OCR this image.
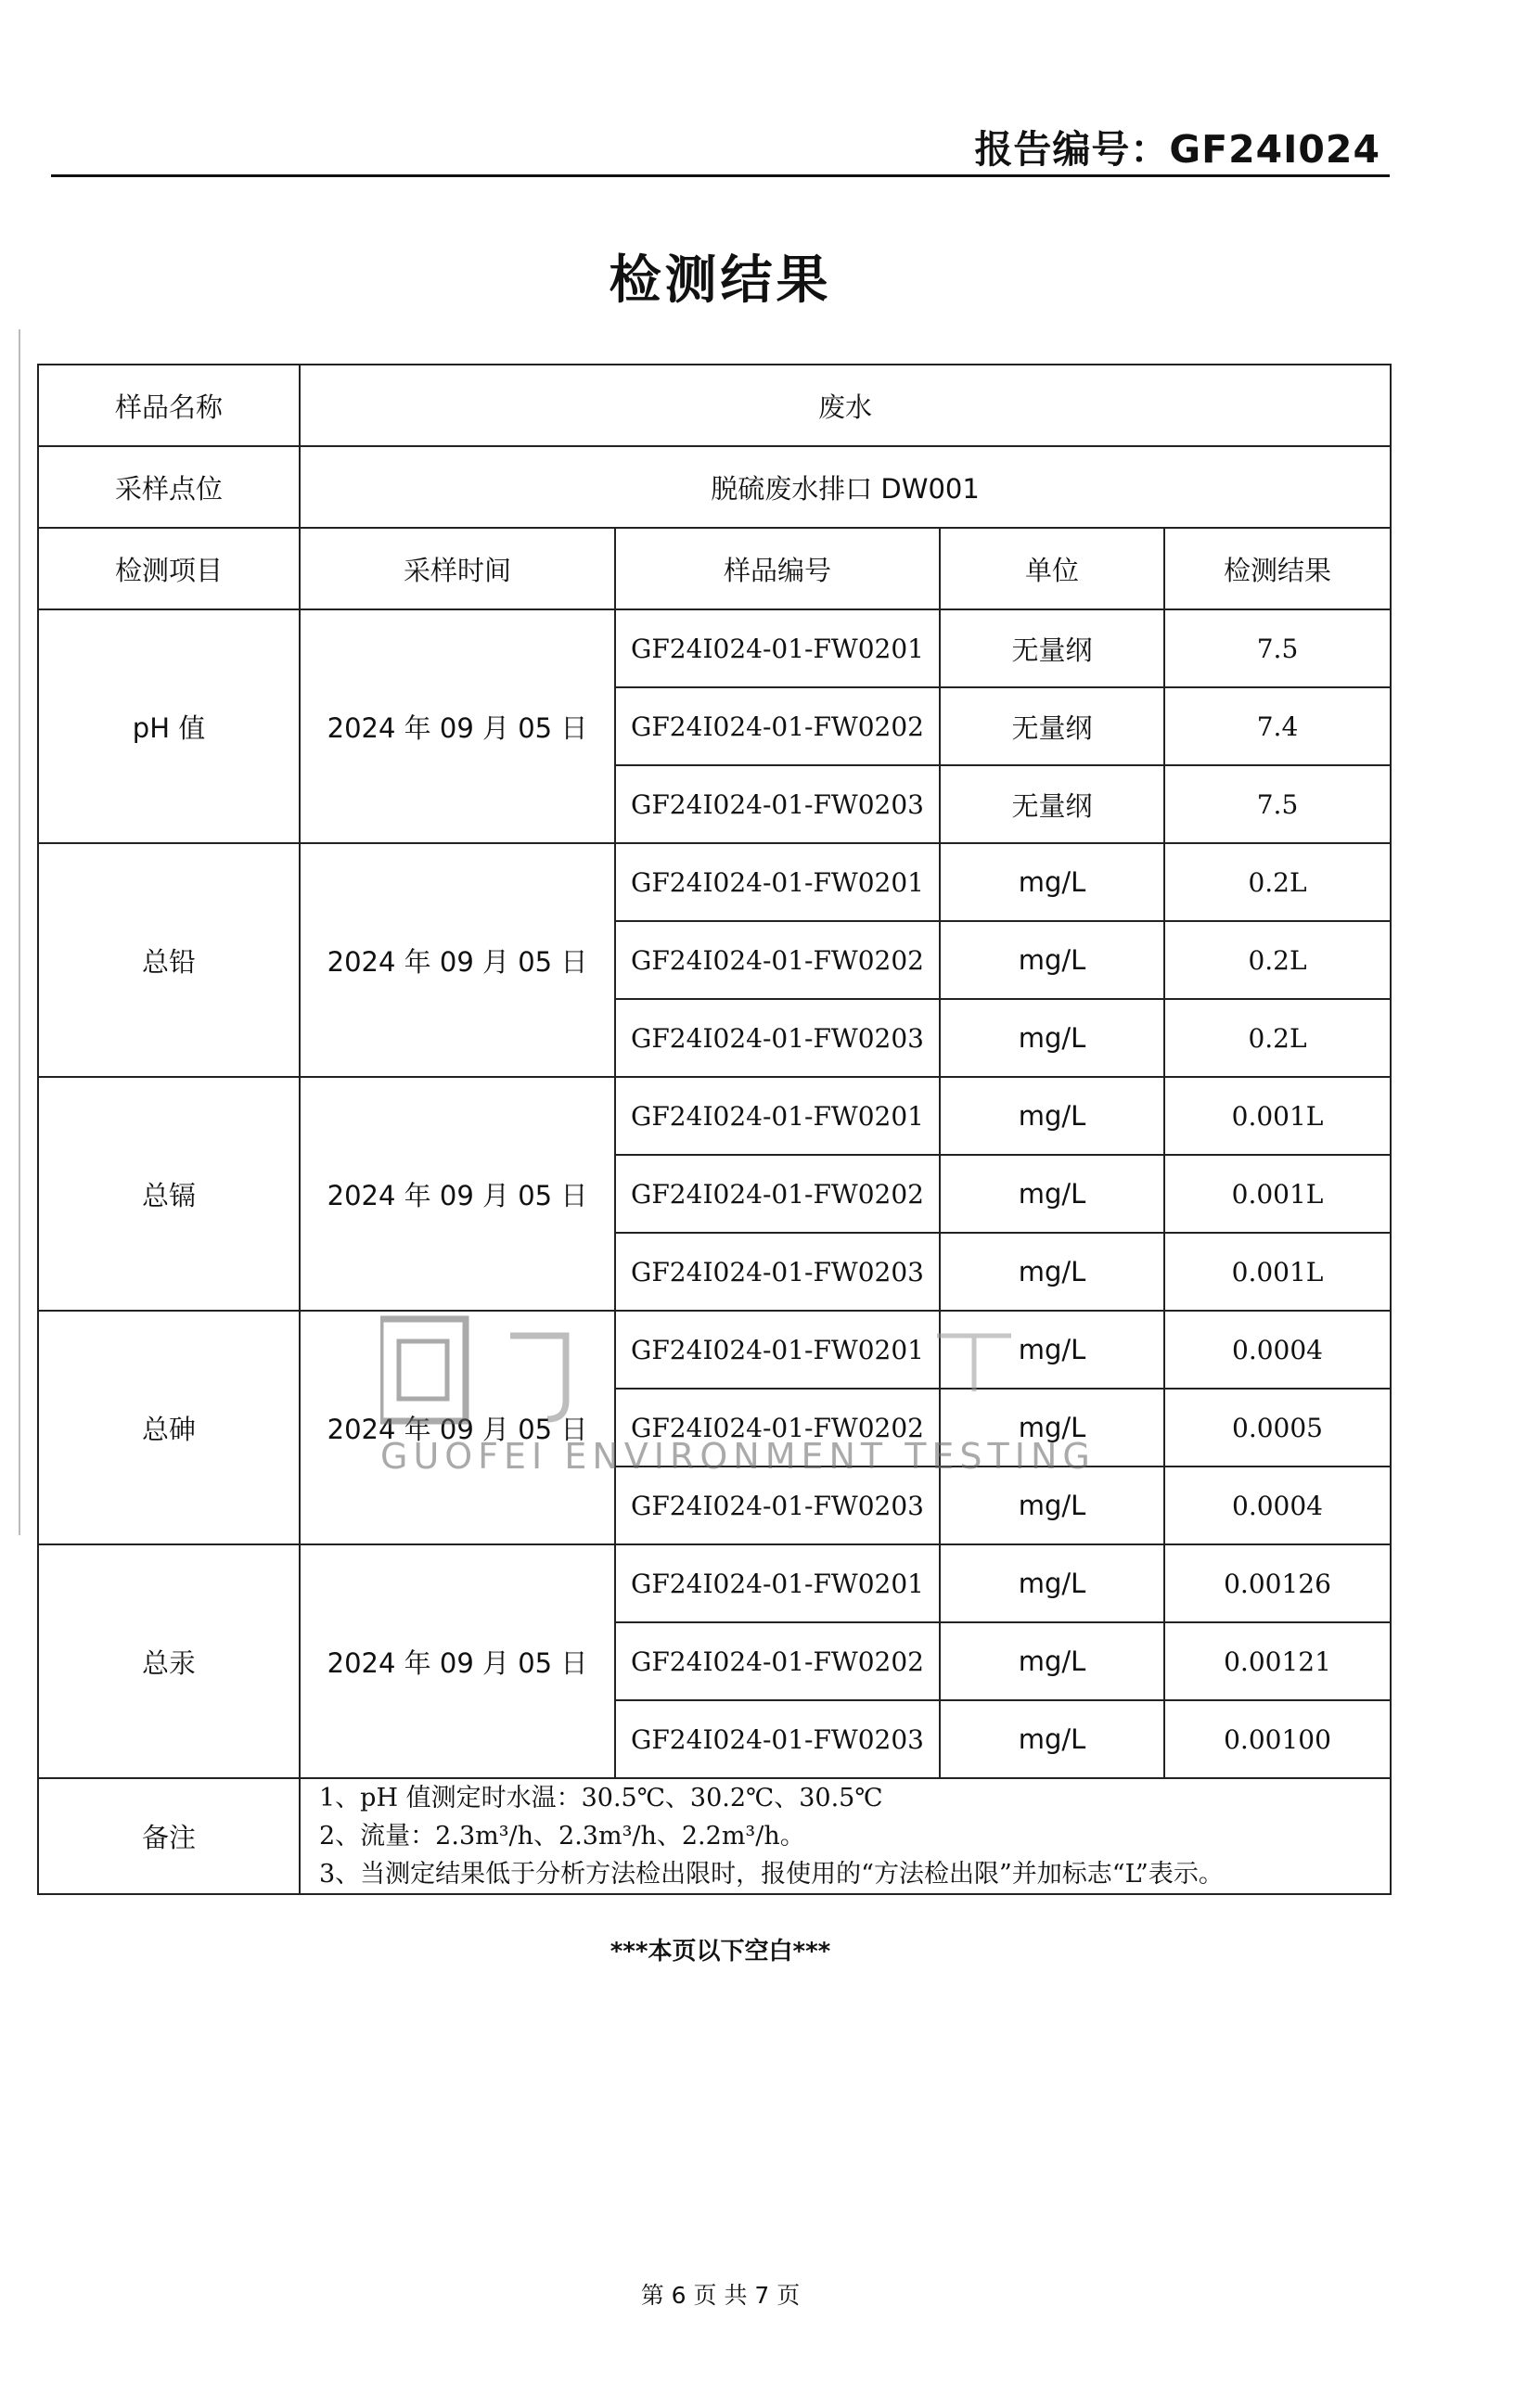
报告编号：GF24I024
检测结果
样品名称	废水			
采样点位	脱硫废水排口 DW001			
检测项目	采样时间	样品编号	单位	检测结果
pH 值	2024 年 09 月 05 日	GF24I024-01-FW0201	无量纲	7.5
		GF24I024-01-FW0202	无量纲	7.4
		GF24I024-01-FW0203	无量纲	7.5
总铅	2024 年 09 月 05 日	GF24I024-01-FW0201	mg/L	0.2L
		GF24I024-01-FW0202	mg/L	0.2L
		GF24I024-01-FW0203	mg/L	0.2L
总镉	2024 年 09 月 05 日	GF24I024-01-FW0201	mg/L	0.001L
		GF24I024-01-FW0202	mg/L	0.001L
		GF24I024-01-FW0203	mg/L	0.001L
总砷	2024 年 09 月 05 日	GF24I024-01-FW0201	mg/L	0.0004
		GF24I024-01-FW0202	mg/L	0.0005
		GF24I024-01-FW0203	mg/L	0.0004
总汞	2024 年 09 月 05 日	GF24I024-01-FW0201	mg/L	0.00126
		GF24I024-01-FW0202	mg/L	0.00121
		GF24I024-01-FW0203	mg/L	0.00100
备注	1、pH 值测定时水温：30.5℃、30.2℃、30.5℃
2、流量：2.3m³/h、2.3m³/h、2.2m³/h。
3、当测定结果低于分析方法检出限时，报使用的“方法检出限”并加标志“L”表示。			
GUOFEI ENVIRONMENT TESTING
***本页以下空白***
第 6 页 共 7 页
